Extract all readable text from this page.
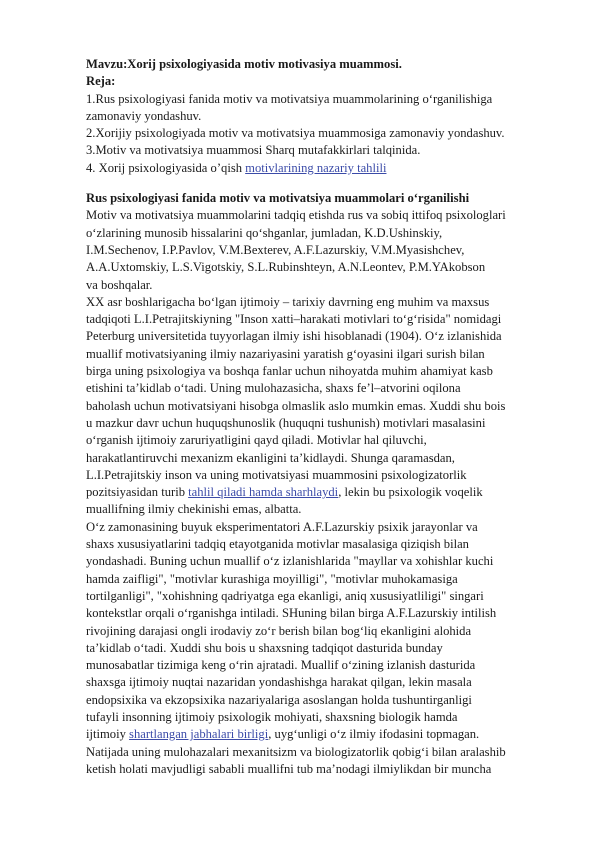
Mavzu:Xorij psixologiyasida motiv motivasiya muammosi.
Reja:
1.Rus psixologiyasi fanida motiv va motivatsiya muammolarining oʻrganilishiga
zamonaviy yondashuv.
2.Xorijiy psixologiyada motiv va motivatsiya muammosiga zamonaviy yondashuv.
3.Motiv va motivatsiya muammosi Sharq mutafakkirlari talqinida.
4. Xorij psixologiyasida o’qish motivlarining nazariy tahlili
Rus psixologiyasi fanida motiv va motivatsiya muammolari oʻrganilishi
Motiv va motivatsiya muammolarini tadqiq etishda rus va sobiq ittifoq psixologlari
oʻzlarining munosib hissalarini qoʻshganlar, jumladan, K.D.Ushinskiy,
I.M.Sechenov, I.P.Pavlov, V.M.Bexterev, A.F.Lazurskiy, V.M.Myasishchev,
A.A.Uxtomskiy, L.S.Vigotskiy, S.L.Rubinshteyn, A.N.Leontev, P.M.YAkobson
va boshqalar.
XX asr boshlarigacha boʻlgan ijtimoiy – tarixiy davrning eng muhim va maxsus
tadqiqoti L.I.Petrajitskiyning "Inson xatti–harakati motivlari toʻgʻrisida" nomidagi
Peterburg universitetida tuyyorlagan ilmiy ishi hisoblanadi (1904). Oʻz izlanishida
muallif motivatsiyaning ilmiy nazariyasini yaratish gʻoyasini ilgari surish bilan
birga uning psixologiya va boshqa fanlar uchun nihoyatda muhim ahamiyat kasb
etishini taʼkidlab oʻtadi. Uning mulohazasicha, shaxs feʼl–atvorini oqilona
baholash uchun motivatsiyani hisobga olmaslik aslo mumkin emas. Xuddi shu bois
u mazkur davr uchun huquqshunoslik (huquqni tushunish) motivlari masalasini
oʻrganish ijtimoiy zaruriyatligini qayd qiladi. Motivlar hal qiluvchi,
harakatlantiruvchi mexanizm ekanligini taʼkidlaydi. Shunga qaramasdan,
L.I.Petrajitskiy inson va uning motivatsiyasi muammosini psixologizatorlik
pozitsiyasidan turib tahlil qiladi hamda sharhlaydi, lekin bu psixologik voqelik
muallifning ilmiy chekinishi emas, albatta.
Oʻz zamonasining buyuk eksperimentatori A.F.Lazurskiy psixik jarayonlar va
shaxs xususiyatlarini tadqiq etayotganida motivlar masalasiga qiziqish bilan
yondashadi. Buning uchun muallif oʻz izlanishlarida "mayllar va xohishlar kuchi
hamda zaifligi", "motivlar kurashiga moyilligi", "motivlar muhokamasiga
tortilganligi", "xohishning qadriyatga ega ekanligi, aniq xususiyatliligi" singari
kontekstlar orqali oʻrganishga intiladi. SHuning bilan birga A.F.Lazurskiy intilish
rivojining darajasi ongli irodaviy zoʻr berish bilan bogʻliq ekanligini alohida
taʼkidlab oʻtadi. Xuddi shu bois u shaxsning tadqiqot dasturida bunday
munosabatlar tizimiga keng oʻrin ajratadi. Muallif oʻzining izlanish dasturida
shaxsga ijtimoiy nuqtai nazaridan yondashishga harakat qilgan, lekin masala
endopsixika va ekzopsixika nazariyalariga asoslangan holda tushuntirganligi
tufayli insonning ijtimoiy psixologik mohiyati, shaxsning biologik hamda
ijtimoiy shartlangan jabhalari birligi, uygʻunligi oʻz ilmiy ifodasini topmagan.
Natijada uning mulohazalari mexanitsizm va biologizatorlik qobigʻi bilan aralashib
ketish holati mavjudligi sababli muallifni tub maʼnodagi ilmiylikdan bir muncha
